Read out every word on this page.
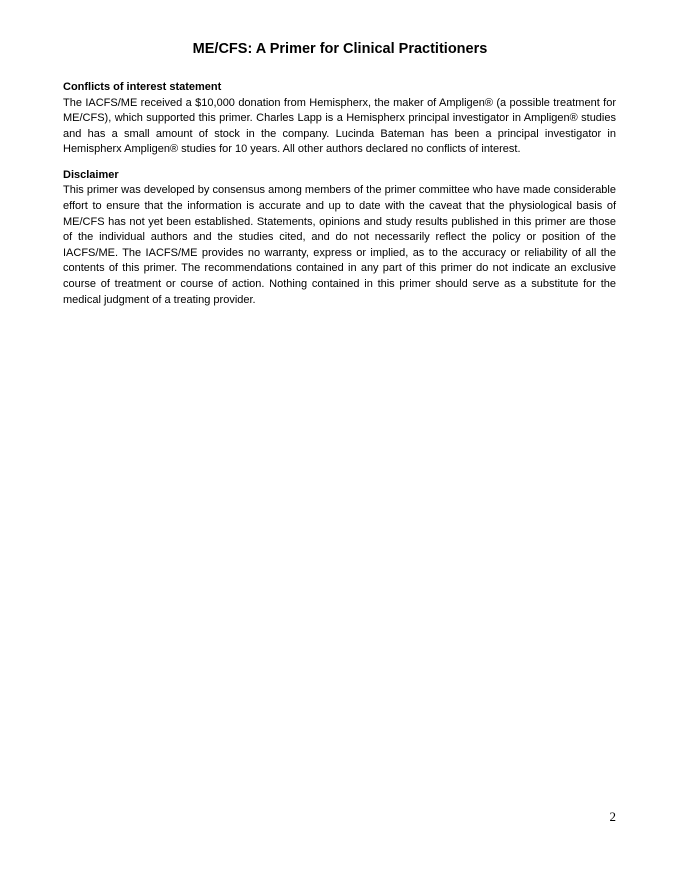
ME/CFS: A Primer for Clinical Practitioners

Conflicts of interest statement

The IACFS/ME received a $10,000 donation from Hemispherx, the maker of Ampligen® (a possible treatment for ME/CFS), which supported this primer. Charles Lapp is a Hemispherx principal investigator in Ampligen® studies and has a small amount of stock in the company. Lucinda Bateman has been a principal investigator in Hemispherx Ampligen® studies for 10 years. All other authors declared no conflicts of interest.

Disclaimer

This primer was developed by consensus among members of the primer committee who have made considerable effort to ensure that the information is accurate and up to date with the caveat that the physiological basis of ME/CFS has not yet been established. Statements, opinions and study results published in this primer are those of the individual authors and the studies cited, and do not necessarily reflect the policy or position of the IACFS/ME. The IACFS/ME provides no warranty, express or implied, as to the accuracy or reliability of all the contents of this primer. The recommendations contained in any part of this primer do not indicate an exclusive course of treatment or course of action. Nothing contained in this primer should serve as a substitute for the medical judgment of a treating provider.

2
